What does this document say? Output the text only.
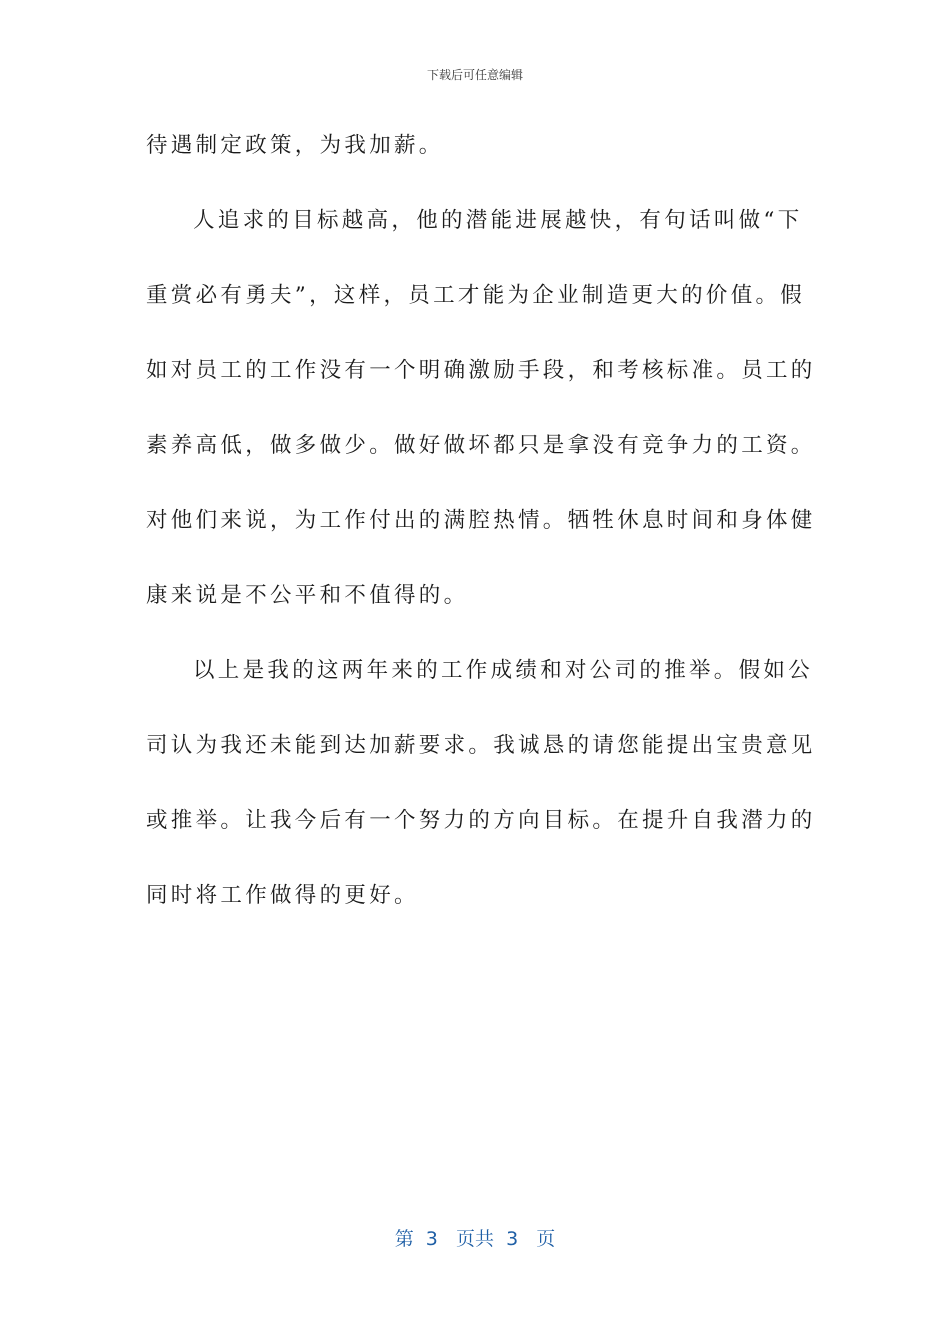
下载后可任意编辑
待遇制定政策，为我加薪。
人追求的目标越高，他的潜能进展越快，有句话叫做“下
重赏必有勇夫”，这样，员工才能为企业制造更大的价值。假
如对员工的工作没有一个明确激励手段，和考核标准。员工的
素养高低，做多做少。做好做坏都只是拿没有竞争力的工资。
对他们来说，为工作付出的满腔热情。牺牲休息时间和身体健
康来说是不公平和不值得的。
以上是我的这两年来的工作成绩和对公司的推举。假如公
司认为我还未能到达加薪要求。我诚恳的请您能提出宝贵意见
或推举。让我今后有一个努力的方向目标。在提升自我潜力的
同时将工作做得的更好。
第  3   页共  3   页
